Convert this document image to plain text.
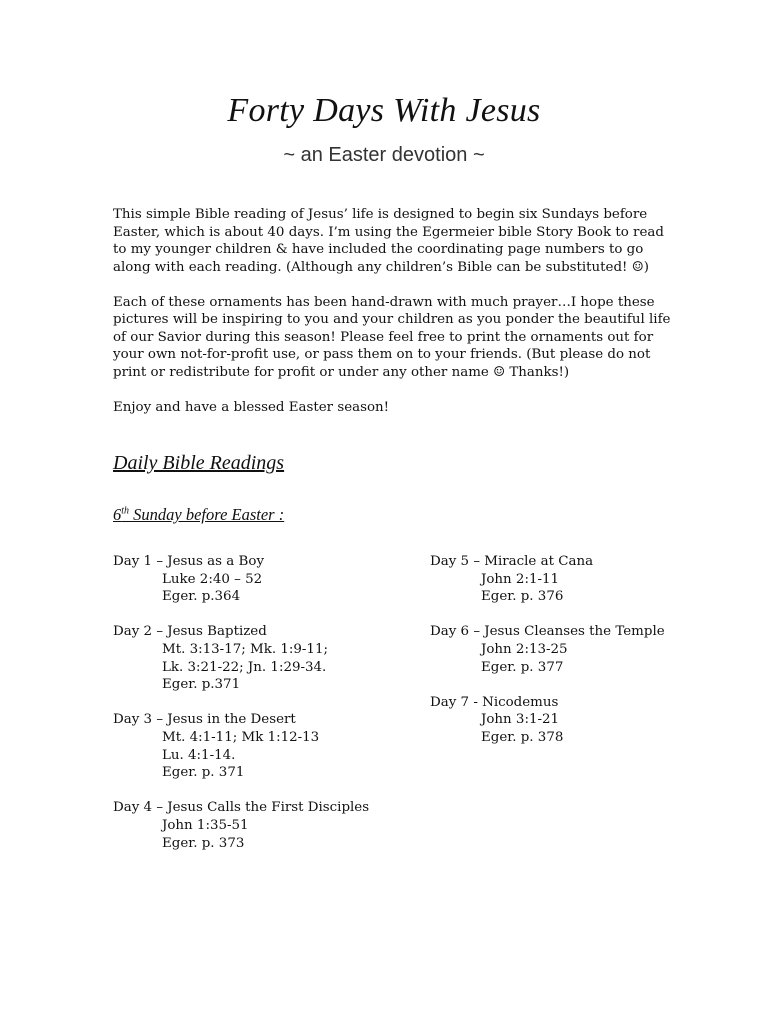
Forty Days With Jesus
~ an Easter devotion ~

This simple Bible reading of Jesus’ life is designed to begin six Sundays before Easter, which is about 40 days. I’m using the Egermeier bible Story Book to read to my younger children & have included the coordinating page numbers to go along with each reading. (Although any children’s Bible can be substituted! ☺)

Each of these ornaments has been hand-drawn with much prayer…I hope these pictures will be inspiring to you and your children as you ponder the beautiful life of our Savior during this season! Please feel free to print the ornaments out for your own not-for-profit use, or pass them on to your friends. (But please do not print or redistribute for profit or under any other name ☺ Thanks!)

Enjoy and have a blessed Easter season!

Daily Bible Readings
6th Sunday before Easter :
Day 1 – Jesus as a Boy
Luke 2:40 – 52
Eger. p.364
Day 2 – Jesus Baptized
Mt. 3:13-17; Mk. 1:9-11;
Lk. 3:21-22; Jn. 1:29-34.
Eger. p.371
Day 3 – Jesus in the Desert
Mt. 4:1-11; Mk 1:12-13
Lu. 4:1-14.
Eger. p. 371
Day 4 – Jesus Calls the First Disciples
John 1:35-51
Eger. p. 373
Day 5 – Miracle at Cana
John 2:1-11
Eger. p. 376
Day 6 – Jesus Cleanses the Temple
John 2:13-25
Eger. p. 377
Day 7 - Nicodemus
John 3:1-21
Eger. p. 378
